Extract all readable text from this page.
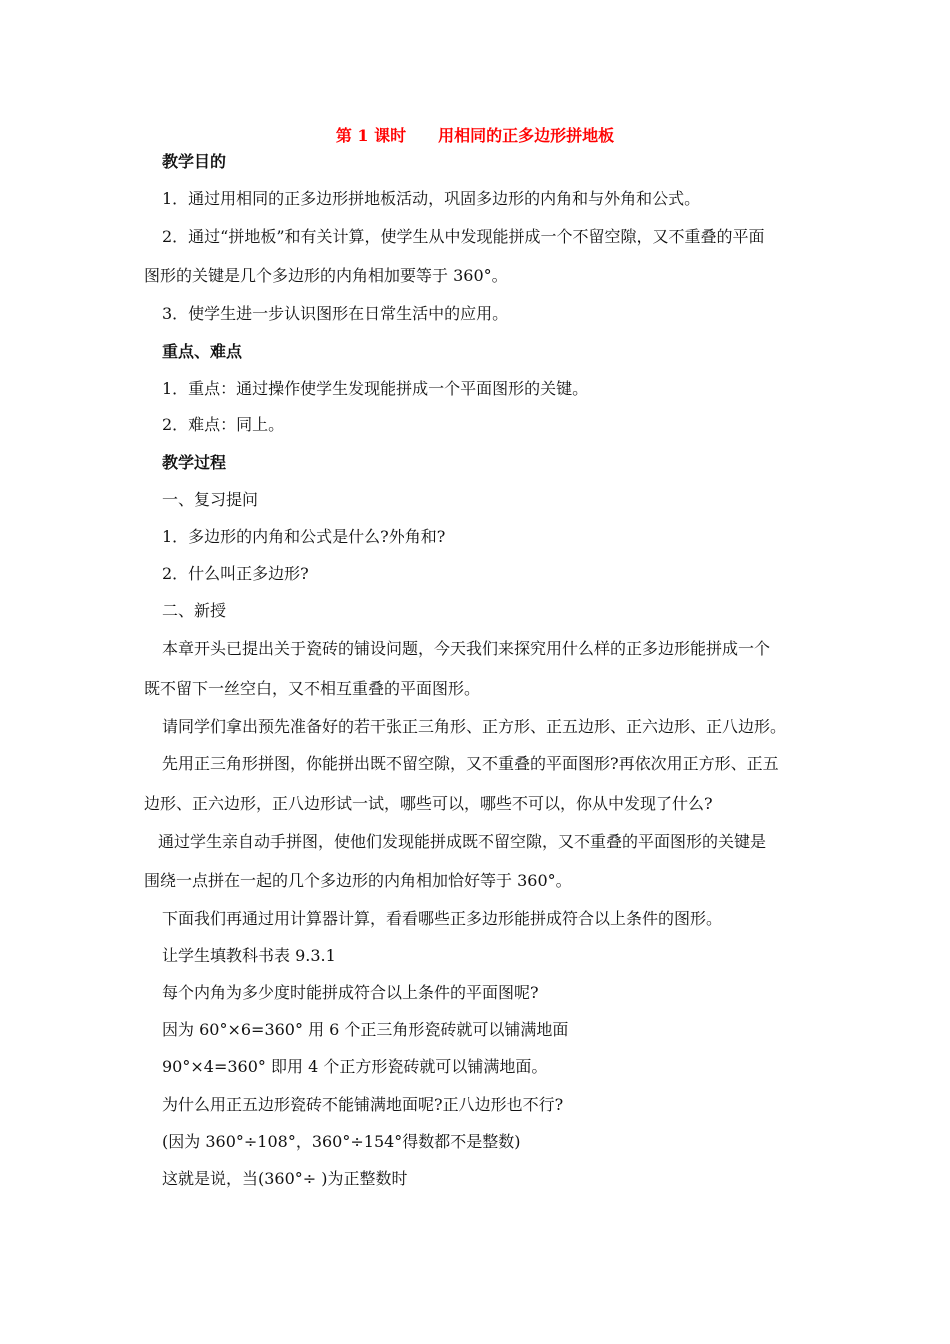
第 1 课时　　用相同的正多边形拼地板
教学目的
1．通过用相同的正多边形拼地板活动，巩固多边形的内角和与外角和公式。
2．通过“拼地板”和有关计算，使学生从中发现能拼成一个不留空隙，又不重叠的平面
图形的关键是几个多边形的内角相加要等于 360°。
3．使学生进一步认识图形在日常生活中的应用。
重点、难点
1．重点：通过操作使学生发现能拼成一个平面图形的关键。
2．难点：同上。
教学过程
一、复习提问
1．多边形的内角和公式是什么?外角和?
2．什么叫正多边形?
二、新授
本章开头已提出关于瓷砖的铺设问题，今天我们来探究用什么样的正多边形能拼成一个
既不留下一丝空白，又不相互重叠的平面图形。
请同学们拿出预先准备好的若干张正三角形、正方形、正五边形、正六边形、正八边形。
先用正三角形拼图，你能拼出既不留空隙，又不重叠的平面图形?再依次用正方形、正五
边形、正六边形，正八边形试一试，哪些可以，哪些不可以，你从中发现了什么?
通过学生亲自动手拼图，使他们发现能拼成既不留空隙，又不重叠的平面图形的关键是
围绕一点拼在一起的几个多边形的内角相加恰好等于 360°。
下面我们再通过用计算器计算，看看哪些正多边形能拼成符合以上条件的图形。
让学生填教科书表 9.3.1
每个内角为多少度时能拼成符合以上条件的平面图呢?
因为 60°×6=360° 用 6 个正三角形瓷砖就可以铺满地面
90°×4=360° 即用 4 个正方形瓷砖就可以铺满地面。
为什么用正五边形瓷砖不能铺满地面呢?正八边形也不行?
(因为 360°÷108°，360°÷154°得数都不是整数)
这就是说，当(360°÷ )为正整数时
